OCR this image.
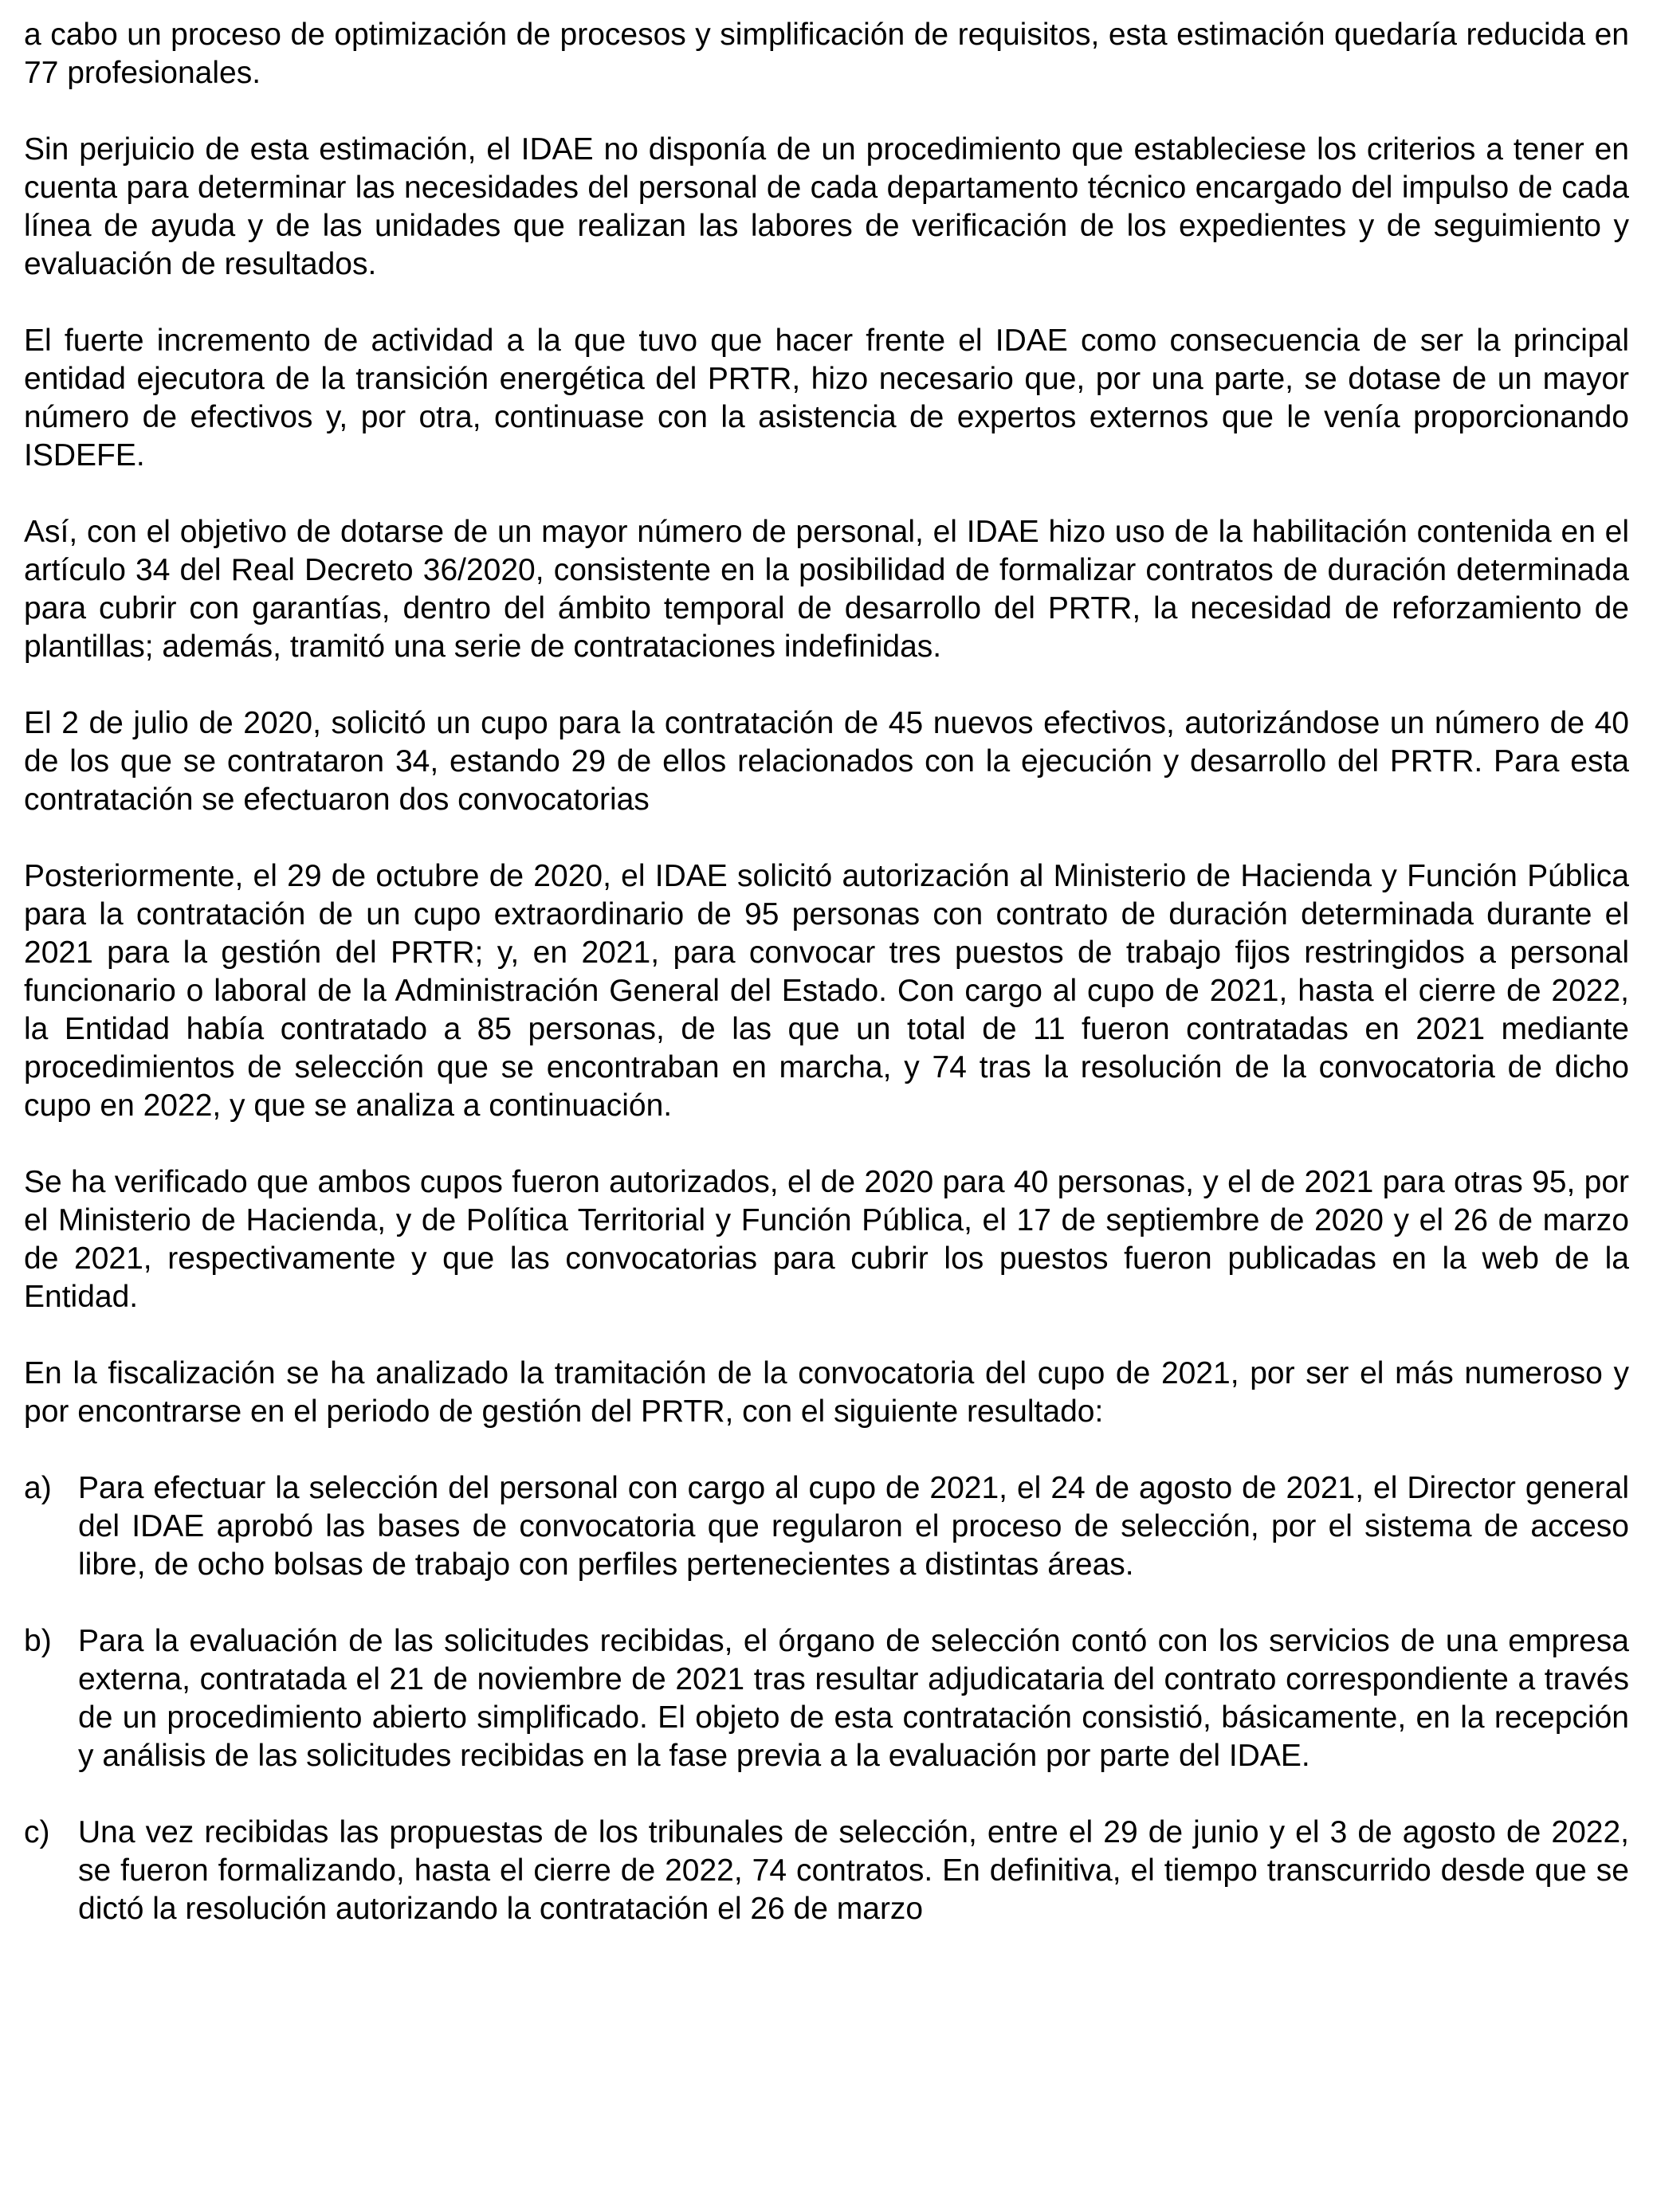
a cabo un proceso de optimización de procesos y simplificación de requisitos, esta estimación quedaría reducida en 77 profesionales.

Sin perjuicio de esta estimación, el IDAE no disponía de un procedimiento que estableciese los criterios a tener en cuenta para determinar las necesidades del personal de cada departamento técnico encargado del impulso de cada línea de ayuda y de las unidades que realizan las labores de verificación de los expedientes y de seguimiento y evaluación de resultados.

El fuerte incremento de actividad a la que tuvo que hacer frente el IDAE como consecuencia de ser la principal entidad ejecutora de la transición energética del PRTR, hizo necesario que, por una parte, se dotase de un mayor número de efectivos y, por otra, continuase con la asistencia de expertos externos que le venía proporcionando ISDEFE.

Así, con el objetivo de dotarse de un mayor número de personal, el IDAE hizo uso de la habilitación contenida en el artículo 34 del Real Decreto 36/2020, consistente en la posibilidad de formalizar contratos de duración determinada para cubrir con garantías, dentro del ámbito temporal de desarrollo del PRTR, la necesidad de reforzamiento de plantillas; además, tramitó una serie de contrataciones indefinidas.

El 2 de julio de 2020, solicitó un cupo para la contratación de 45 nuevos efectivos, autorizándose un número de 40 de los que se contrataron 34, estando 29 de ellos relacionados con la ejecución y desarrollo del PRTR. Para esta contratación se efectuaron dos convocatorias

Posteriormente, el 29 de octubre de 2020, el IDAE solicitó autorización al Ministerio de Hacienda y Función Pública para la contratación de un cupo extraordinario de 95 personas con contrato de duración determinada durante el 2021 para la gestión del PRTR; y, en 2021, para convocar tres puestos de trabajo fijos restringidos a personal funcionario o laboral de la Administración General del Estado. Con cargo al cupo de 2021, hasta el cierre de 2022, la Entidad había contratado a 85 personas, de las que un total de 11 fueron contratadas en 2021 mediante procedimientos de selección que se encontraban en marcha, y 74 tras la resolución de la convocatoria de dicho cupo en 2022, y que se analiza a continuación.

Se ha verificado que ambos cupos fueron autorizados, el de 2020 para 40 personas, y el de 2021 para otras 95, por el Ministerio de Hacienda, y de Política Territorial y Función Pública, el 17 de septiembre de 2020 y el 26 de marzo de 2021, respectivamente y que las convocatorias para cubrir los puestos fueron publicadas en la web de la Entidad.

En la fiscalización se ha analizado la tramitación de la convocatoria del cupo de 2021, por ser el más numeroso y por encontrarse en el periodo de gestión del PRTR, con el siguiente resultado:

a) Para efectuar la selección del personal con cargo al cupo de 2021, el 24 de agosto de 2021, el Director general del IDAE aprobó las bases de convocatoria que regularon el proceso de selección, por el sistema de acceso libre, de ocho bolsas de trabajo con perfiles pertenecientes a distintas áreas.
b) Para la evaluación de las solicitudes recibidas, el órgano de selección contó con los servicios de una empresa externa, contratada el 21 de noviembre de 2021 tras resultar adjudicataria del contrato correspondiente a través de un procedimiento abierto simplificado. El objeto de esta contratación consistió, básicamente, en la recepción y análisis de las solicitudes recibidas en la fase previa a la evaluación por parte del IDAE.
c) Una vez recibidas las propuestas de los tribunales de selección, entre el 29 de junio y el 3 de agosto de 2022, se fueron formalizando, hasta el cierre de 2022, 74 contratos. En definitiva, el tiempo transcurrido desde que se dictó la resolución autorizando la contratación el 26 de marzo
